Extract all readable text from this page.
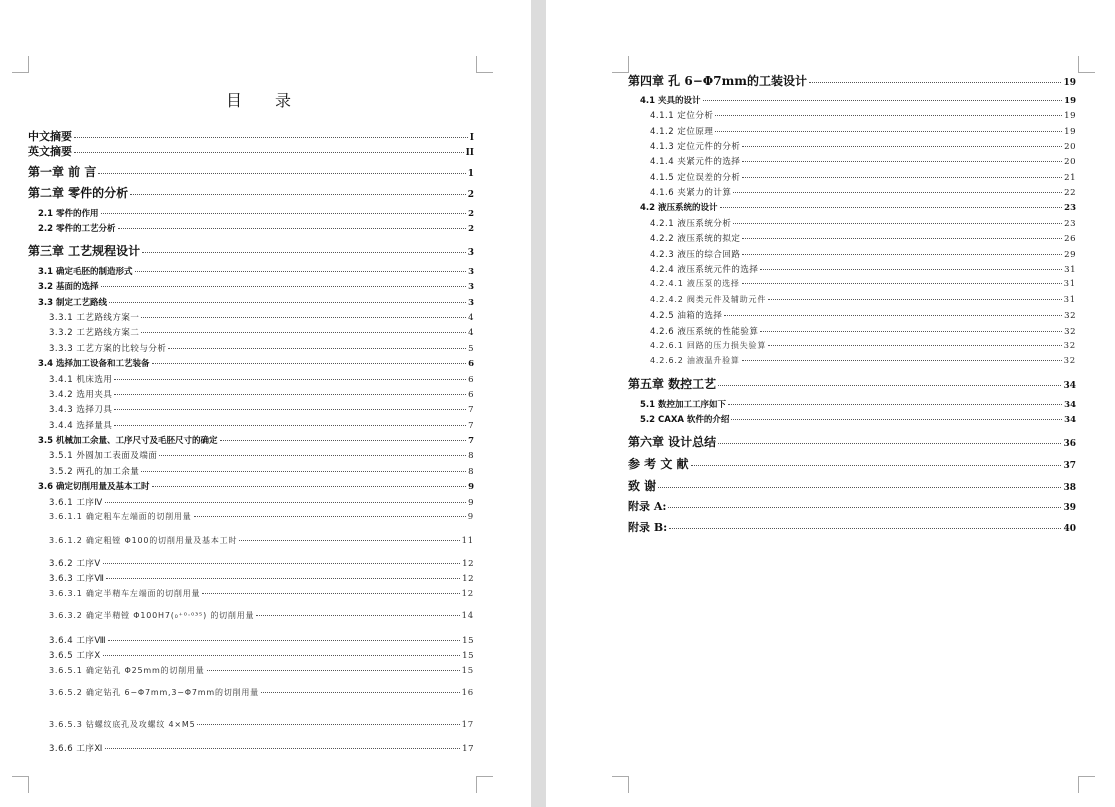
目 录
中文摘要	I
英文摘要	II
第一章 前 言	1
第二章 零件的分析	2
2.1 零件的作用	2
2.2 零件的工艺分析	2
第三章 工艺规程设计	3
3.1 确定毛胚的制造形式	3
3.2 基面的选择	3
3.3 制定工艺路线	3
3.3.1 工艺路线方案一	4
3.3.2 工艺路线方案二	4
3.3.3 工艺方案的比较与分析	5
3.4 选择加工设备和工艺装备	6
3.4.1 机床选用	6
3.4.2 选用夹具	6
3.4.3 选择刀具	7
3.4.4 选择量具	7
3.5 机械加工余量、工序尺寸及毛胚尺寸的确定	7
3.5.1 外圆加工表面及端面	8
3.5.2 两孔的加工余量	8
3.6 确定切削用量及基本工时	9
3.6.1 工序Ⅳ	9
3.6.1.1 确定粗车左端面的切削用量	9
3.6.1.2 确定粗镗 Φ100的切削用量及基本工时	11
3.6.2 工序Ⅴ	12
3.6.3 工序Ⅶ	12
3.6.3.1 确定半精车左端面的切削用量	12
3.6.3.2 确定半精镗 Φ100H7(₀⁺⁰·⁰³⁵) 的切削用量	14
3.6.4 工序Ⅷ	15
3.6.5 工序Ⅹ	15
3.6.5.1 确定钻孔 Φ25mm的切削用量	15
3.6.5.2 确定钻孔 6−Φ7mm,3−Φ7mm的切削用量	16
3.6.5.3 钻螺纹底孔及攻螺纹 4×M5	17
3.6.6 工序Ⅺ	17
第四章 孔 6−Φ7mm的工装设计	19
4.1 夹具的设计	19
4.1.1 定位分析	19
4.1.2 定位原理	19
4.1.3 定位元件的分析	20
4.1.4 夹紧元件的选择	20
4.1.5 定位误差的分析	21
4.1.6 夹紧力的计算	22
4.2 液压系统的设计	23
4.2.1 液压系统分析	23
4.2.2 液压系统的拟定	26
4.2.3 液压的综合回路	29
4.2.4 液压系统元件的选择	31
4.2.4.1 液压泵的选择	31
4.2.4.2 阀类元件及辅助元件	31
4.2.5 油箱的选择	32
4.2.6 液压系统的性能验算	32
4.2.6.1 回路的压力损失验算	32
4.2.6.2 油液温升验算	32
第五章 数控工艺	34
5.1 数控加工工序如下	34
5.2 CAXA 软件的介绍	34
第六章 设计总结	36
参 考 文 献	37
致 谢	38
附录 A:	39
附录 B:	40
